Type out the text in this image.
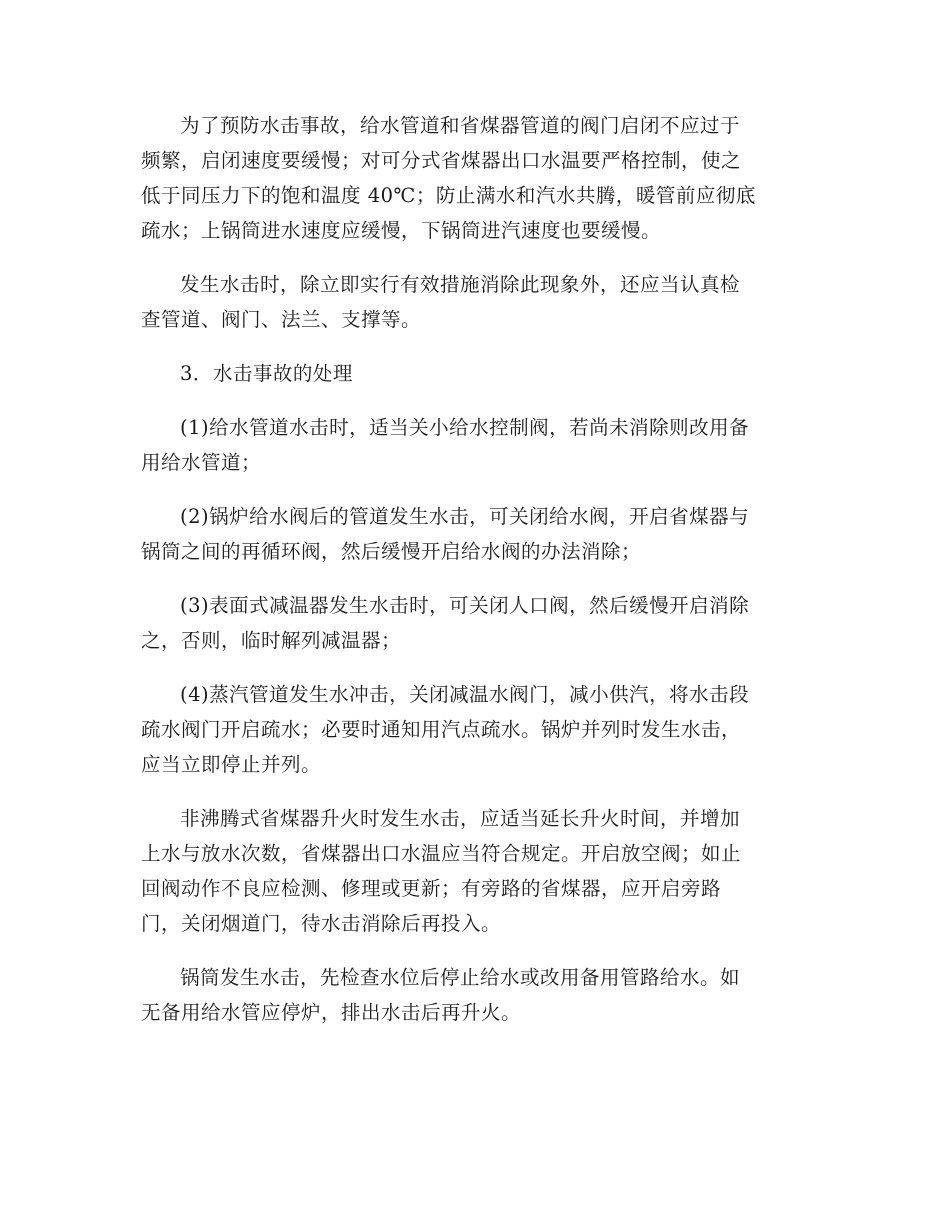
为了预防水击事故，给水管道和省煤器管道的阀门启闭不应过于
频繁，启闭速度要缓慢；对可分式省煤器出口水温要严格控制，使之
低于同压力下的饱和温度 40℃；防止满水和汽水共腾，暖管前应彻底
疏水；上锅筒进水速度应缓慢，下锅筒进汽速度也要缓慢。

发生水击时，除立即实行有效措施消除此现象外，还应当认真检
查管道、阀门、法兰、支撑等。

3．水击事故的处理

(1)给水管道水击时，适当关小给水控制阀，若尚未消除则改用备
用给水管道；

(2)锅炉给水阀后的管道发生水击，可关闭给水阀，开启省煤器与
锅筒之间的再循环阀，然后缓慢开启给水阀的办法消除；

(3)表面式减温器发生水击时，可关闭人口阀，然后缓慢开启消除
之，否则，临时解列减温器；

(4)蒸汽管道发生水冲击，关闭减温水阀门，减小供汽，将水击段
疏水阀门开启疏水；必要时通知用汽点疏水。锅炉并列时发生水击，
应当立即停止并列。

非沸腾式省煤器升火时发生水击，应适当延长升火时间，并增加
上水与放水次数，省煤器出口水温应当符合规定。开启放空阀；如止
回阀动作不良应检测、修理或更新；有旁路的省煤器，应开启旁路
门，关闭烟道门，待水击消除后再投入。

锅筒发生水击，先检查水位后停止给水或改用备用管路给水。如
无备用给水管应停炉，排出水击后再升火。
